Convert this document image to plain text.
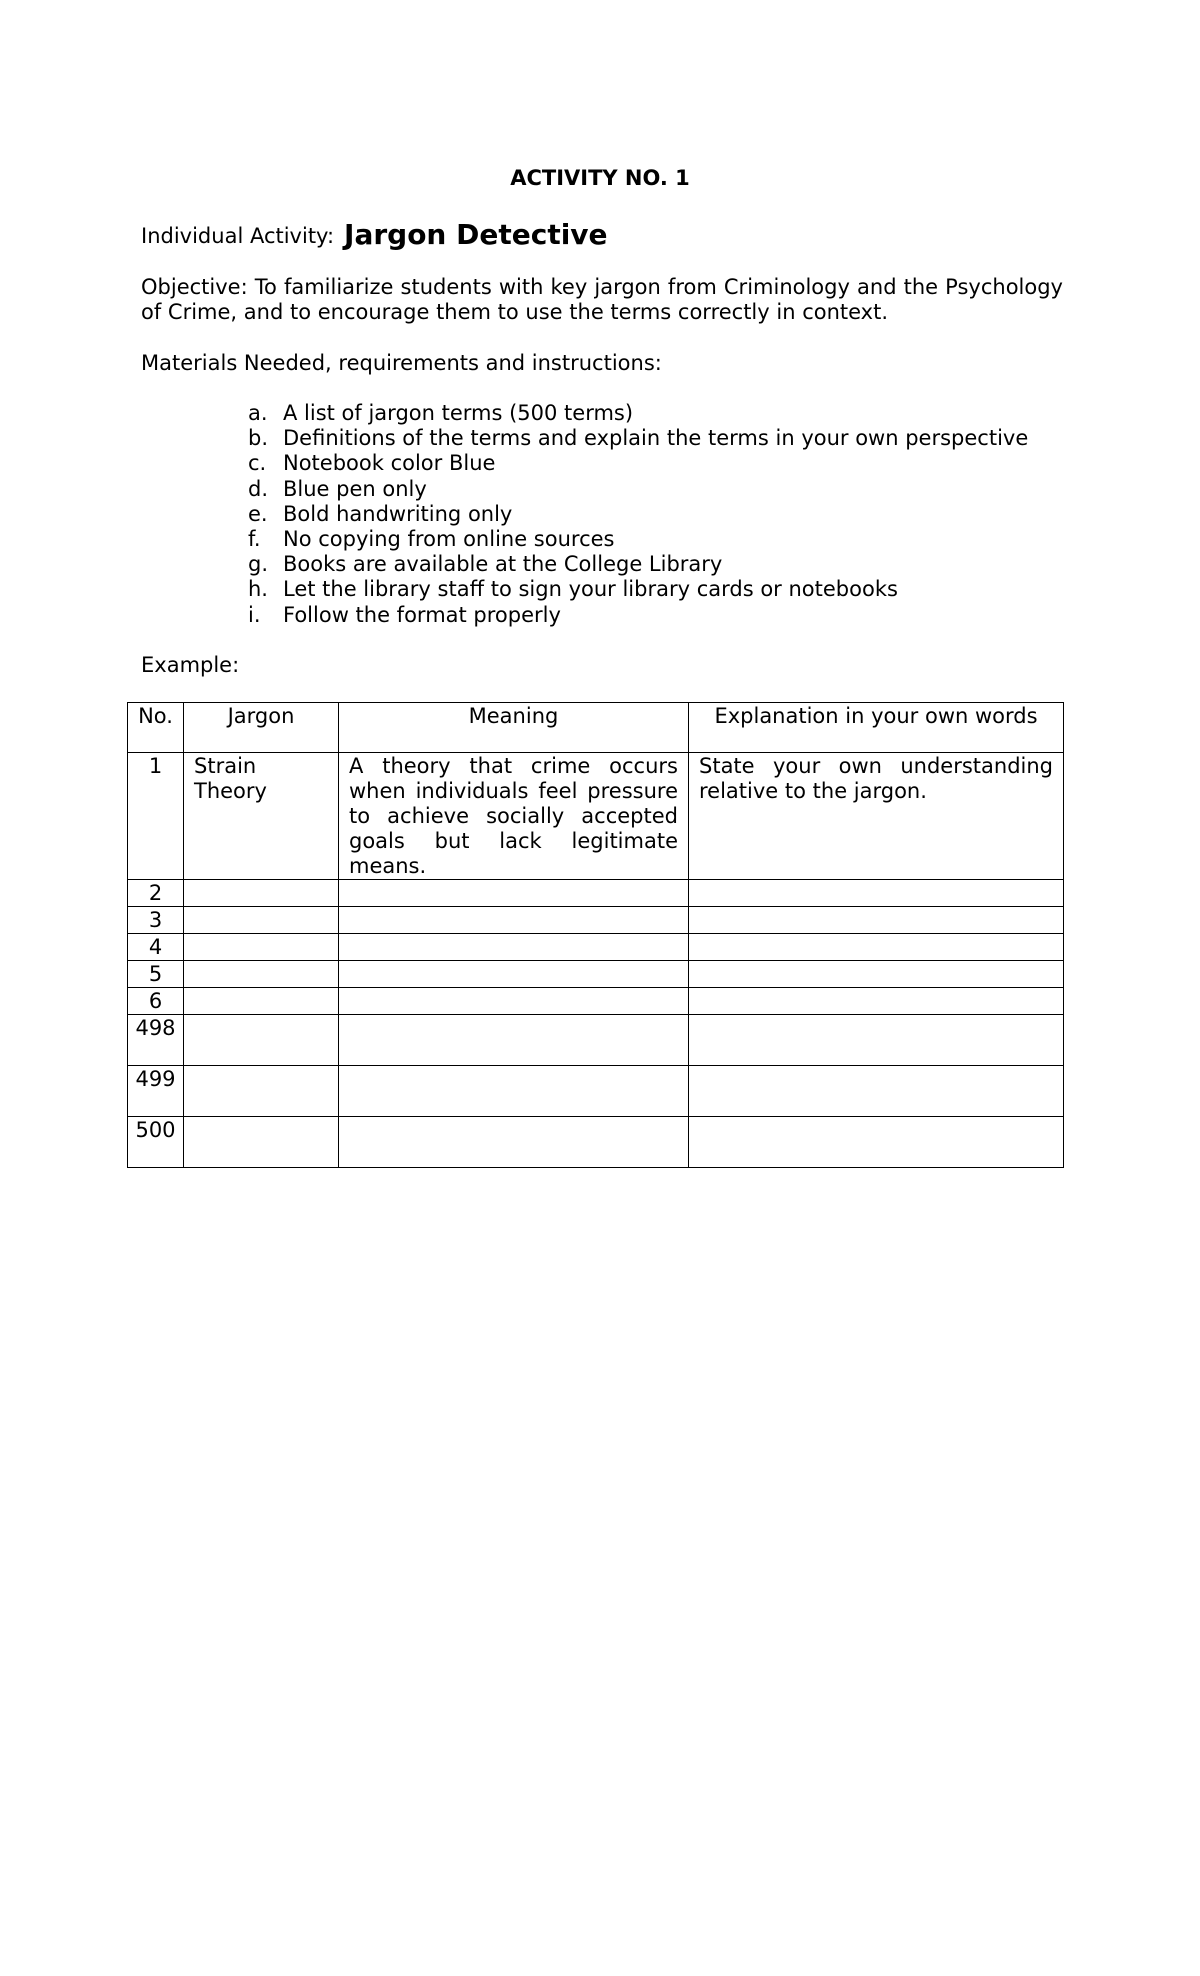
ACTIVITY NO. 1
Individual Activity: Jargon Detective
Objective: To familiarize students with key jargon from Criminology and the Psychology of Crime, and to encourage them to use the terms correctly in context.
Materials Needed, requirements and instructions:
a. A list of jargon terms (500 terms)
b. Definitions of the terms and explain the terms in your own perspective
c. Notebook color Blue
d. Blue pen only
e. Bold handwriting only
f. No copying from online sources
g. Books are available at the College Library
h. Let the library staff to sign your library cards or notebooks
i. Follow the format properly
Example:
No.	Jargon	Meaning	Explanation in your own words
1	Strain Theory	A theory that crime occurs when individuals feel pressure to achieve socially accepted goals but lack legitimate means.	State your own understanding relative to the jargon.
2			
3			
4			
5			
6			
498			
499			
500			
